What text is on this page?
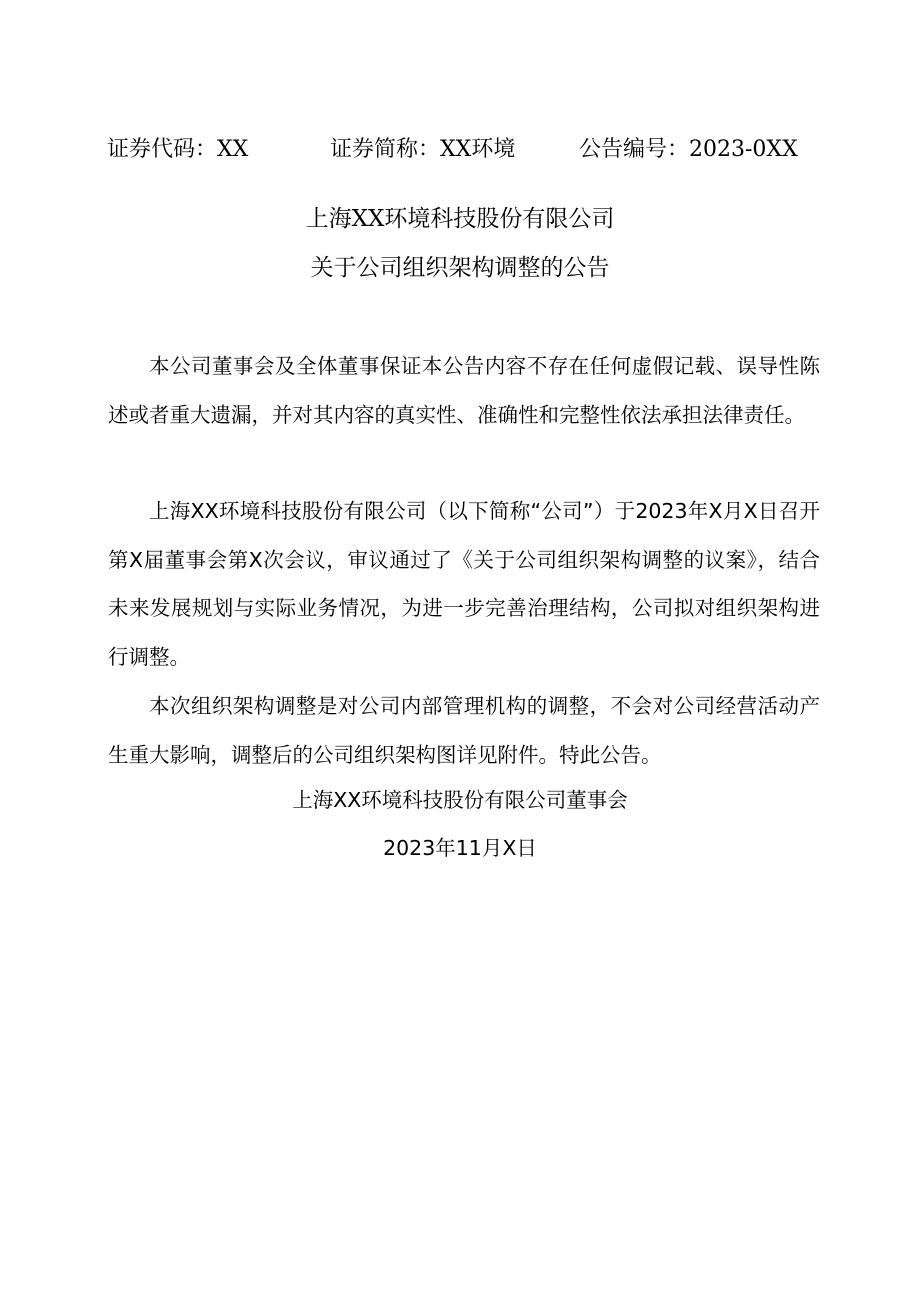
证券代码：XX	证券简称：XX环境	公告编号：2023-0XX
上海XX环境科技股份有限公司
关于公司组织架构调整的公告

本公司董事会及全体董事保证本公告内容不存在任何虚假记载、误导性陈述或者重大遗漏，并对其内容的真实性、准确性和完整性依法承担法律责任。

上海XX环境科技股份有限公司（以下简称“公司”）于2023年X月X日召开第X届董事会第X次会议，审议通过了《关于公司组织架构调整的议案》，结合未来发展规划与实际业务情况，为进一步完善治理结构，公司拟对组织架构进行调整。

本次组织架构调整是对公司内部管理机构的调整，不会对公司经营活动产生重大影响，调整后的公司组织架构图详见附件。特此公告。

上海XX环境科技股份有限公司董事会
2023年11月X日
